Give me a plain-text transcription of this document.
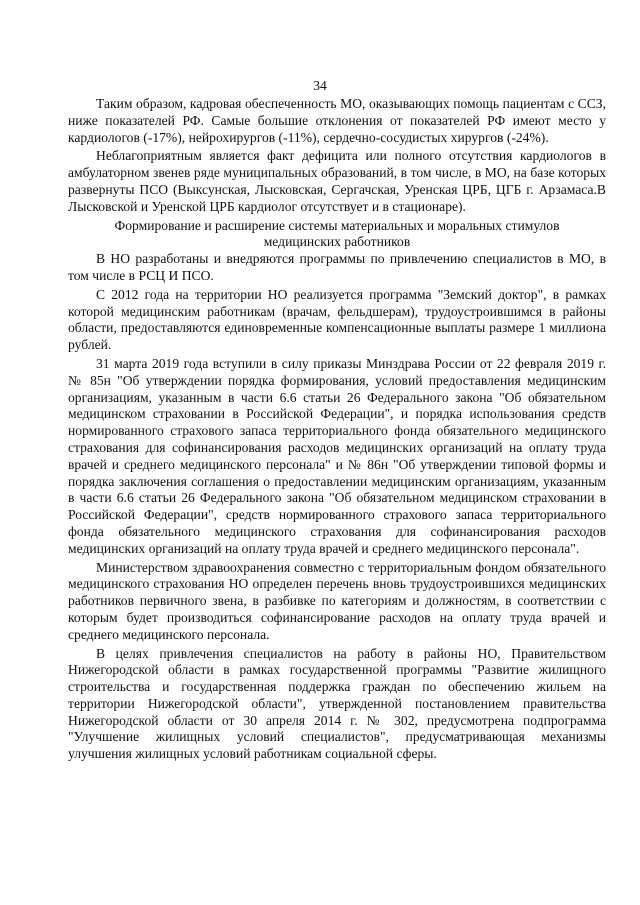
34

Таким образом, кадровая обеспеченность МО, оказывающих помощь пациентам с ССЗ, ниже показателей РФ. Самые большие отклонения от показателей РФ имеют место у кардиологов (-17%), нейрохирургов (-11%), сердечно-сосудистых хирургов (-24%).

Неблагоприятным является факт дефицита или полного отсутствия кардиологов в амбулаторном звенев ряде муниципальных образований, в том числе, в МО, на базе которых развернуты ПСО (Выксунская, Лысковская, Сергачская, Уренская ЦРБ, ЦГБ г. Арзамаса.В Лысковской и Уренской ЦРБ кардиолог отсутствует и в стационаре).

Формирование и расширение системы материальных и моральных стимулов медицинских работников

В НО разработаны и внедряются программы по привлечению специалистов в МО, в том числе в РСЦ И ПСО.

С 2012 года на территории НО реализуется программа "Земский доктор", в рамках которой медицинским работникам (врачам, фельдшерам), трудоустроившимся в районы области, предоставляются единовременные компенсационные выплаты размере 1 миллиона рублей.

31 марта 2019 года вступили в силу приказы Минздрава России от 22 февраля 2019 г. № 85н "Об утверждении порядка формирования, условий предоставления медицинским организациям, указанным в части 6.6 статьи 26 Федерального закона "Об обязательном медицинском страховании в Российской Федерации", и порядка использования средств нормированного страхового запаса территориального фонда обязательного медицинского страхования для софинансирования расходов медицинских организаций на оплату труда врачей и среднего медицинского персонала" и № 86н "Об утверждении типовой формы и порядка заключения соглашения о предоставлении медицинским организациям, указанным в части 6.6 статьи 26 Федерального закона "Об обязательном медицинском страховании в Российской Федерации", средств нормированного страхового запаса территориального фонда обязательного медицинского страхования для софинансирования расходов медицинских организаций на оплату труда врачей и среднего медицинского персонала".

Министерством здравоохранения совместно с территориальным фондом обязательного медицинского страхования НО определен перечень вновь трудоустроившихся медицинских работников первичного звена, в разбивке по категориям и должностям, в соответствии с которым будет производиться софинансирование расходов на оплату труда врачей и среднего медицинского персонала.

В целях привлечения специалистов на работу в районы НО, Правительством Нижегородской области в рамках государственной программы "Развитие жилищного строительства и государственная поддержка граждан по обеспечению жильем на территории Нижегородской области", утвержденной постановлением правительства Нижегородской области от 30 апреля 2014 г. № 302, предусмотрена подпрограмма "Улучшение жилищных условий специалистов", предусматривающая механизмы улучшения жилищных условий работникам социальной сферы.
